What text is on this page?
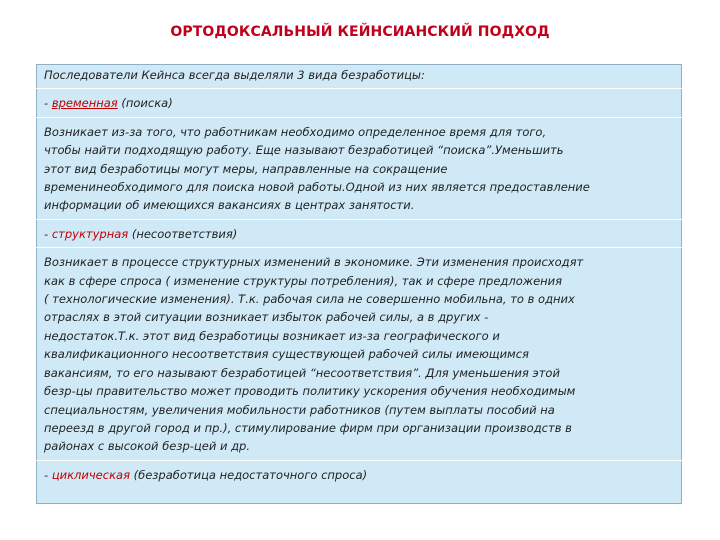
ОРТОДОКСАЛЬНЫЙ КЕЙНСИАНСКИЙ ПОДХОД
Последователи Кейнса всегда выделяли 3 вида безработицы:
- временная (поиска)
Возникает из-за того, что работникам необходимо определенное время для того,
чтобы найти подходящую работу. Еще называют безработицей “поиска”.Уменьшить
этот вид безработицы могут меры, направленные на сокращение
временинеобходимого для поиска новой работы.Одной из них является предоставление
информации об имеющихся вакансиях в центрах занятости.
- структурная (несоответствия)
Возникает в процессе структурных изменений в экономике. Эти изменения происходят
как в сфере спроса ( изменение структуры потребления), так и сфере предложения
( технологические изменения). Т.к. рабочая сила не совершенно мобильна, то в одних
отраслях в этой ситуации возникает избыток рабочей силы, а в других -
недостаток.Т.к. этот вид безработицы возникает из-за географического и
квалификационного несоответствия существующей рабочей силы имеющимся
вакансиям, то его называют безработицей “несоответствия”. Для уменьшения этой
безр-цы правительство может проводить политику ускорения обучения необходимым
специальностям, увеличения мобильности работников (путем выплаты пособий на
переезд в другой город и пр.), стимулирование фирм при организации производств в
районах с высокой безр-цей и др.
- циклическая (безработица недостаточного спроса)
